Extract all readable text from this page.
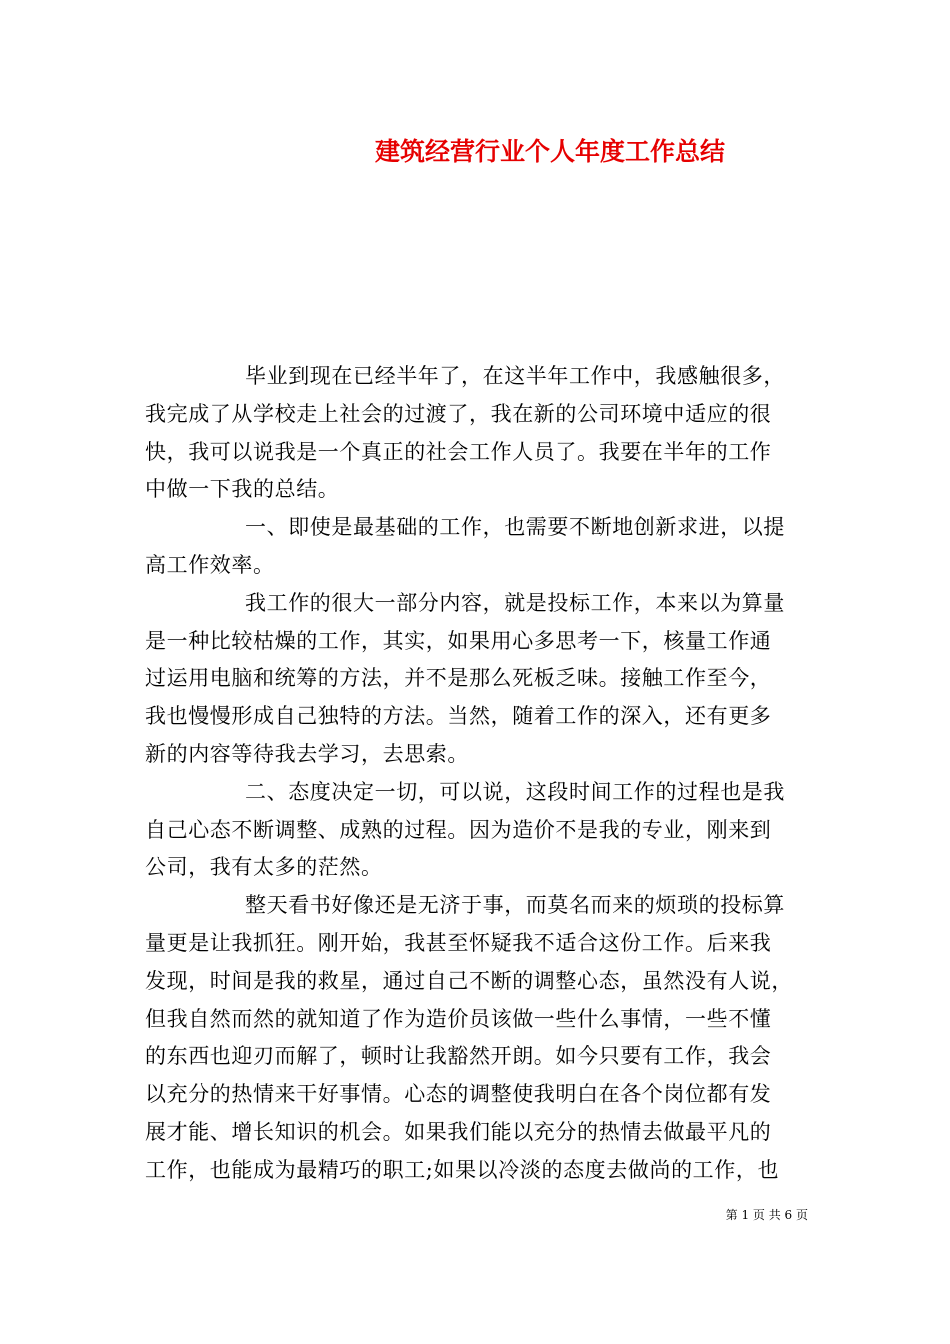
建筑经营行业个人年度工作总结
毕业到现在已经半年了，在这半年工作中，我感触很多，
我完成了从学校走上社会的过渡了，我在新的公司环境中适应的很
快，我可以说我是一个真正的社会工作人员了。我要在半年的工作
中做一下我的总结。
一、即使是最基础的工作，也需要不断地创新求进，以提
高工作效率。
我工作的很大一部分内容，就是投标工作，本来以为算量
是一种比较枯燥的工作，其实，如果用心多思考一下，核量工作通
过运用电脑和统筹的方法，并不是那么死板乏味。接触工作至今，
我也慢慢形成自己独特的方法。当然，随着工作的深入，还有更多
新的内容等待我去学习，去思索。
二、态度决定一切，可以说，这段时间工作的过程也是我
自己心态不断调整、成熟的过程。因为造价不是我的专业，刚来到
公司，我有太多的茫然。
整天看书好像还是无济于事，而莫名而来的烦琐的投标算
量更是让我抓狂。刚开始，我甚至怀疑我不适合这份工作。后来我
发现，时间是我的救星，通过自己不断的调整心态，虽然没有人说，
但我自然而然的就知道了作为造价员该做一些什么事情，一些不懂
的东西也迎刃而解了，顿时让我豁然开朗。如今只要有工作，我会
以充分的热情来干好事情。心态的调整使我明白在各个岗位都有发
展才能、增长知识的机会。如果我们能以充分的热情去做最平凡的
工作，也能成为最精巧的职工;如果以冷淡的态度去做尚的工作，也
第 1 页 共 6 页
